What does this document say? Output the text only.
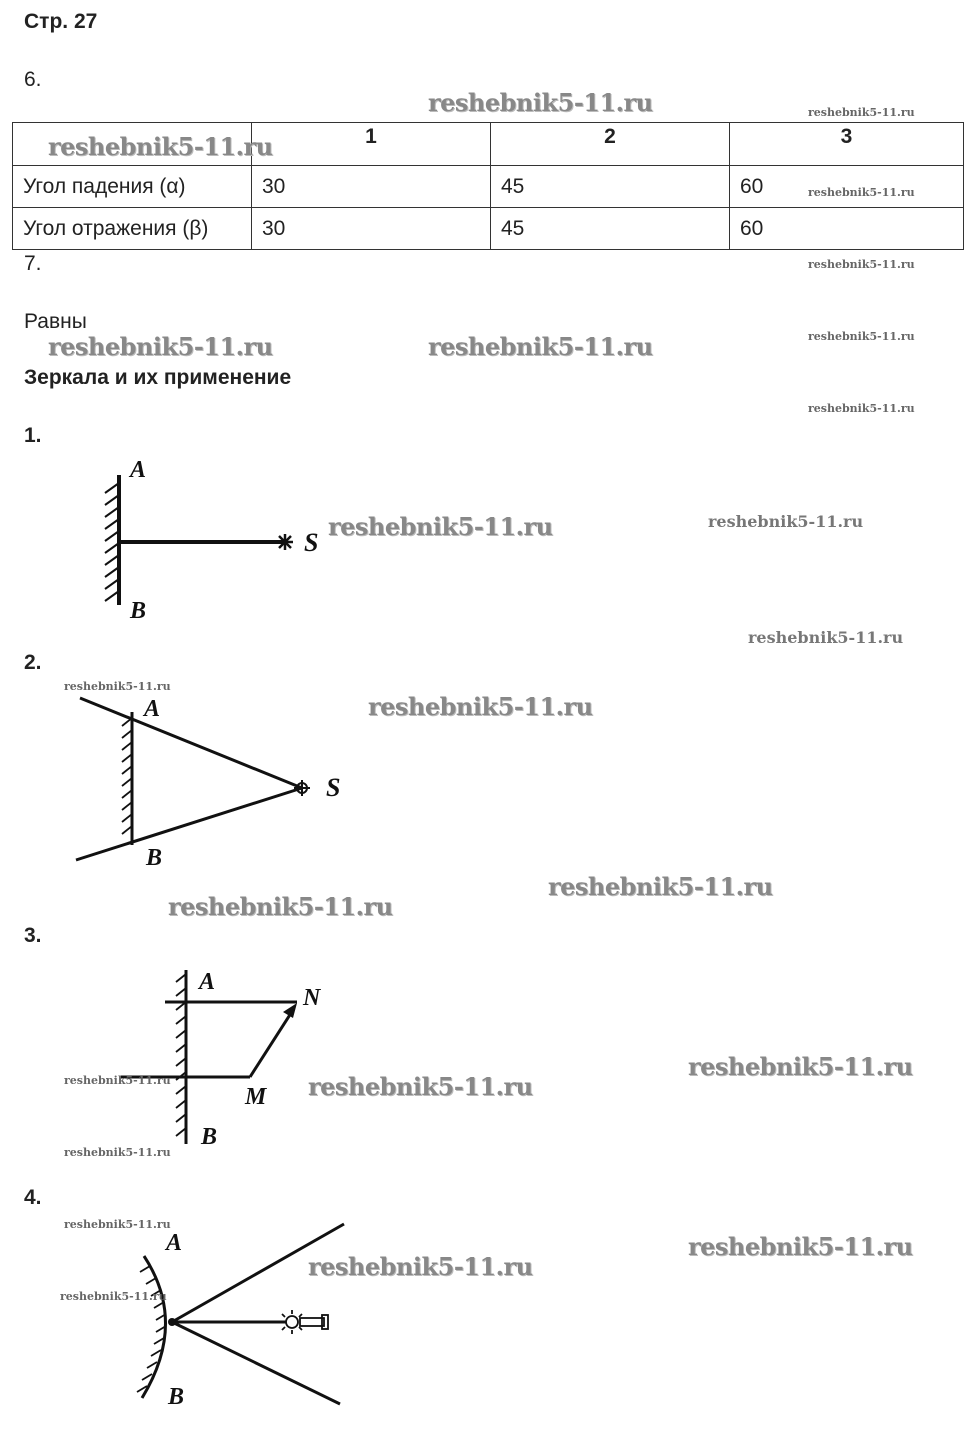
Стр. 27
6.
	1	2	3
Угол падения (α)	30	45	60
Угол отражения (β)	30	45	60
7.
Равны
Зеркала и их применение
1.
2.
3.
4.
A
B
S
A
B
S
A
N
M
B
A
B
reshebnik5-11.ru	reshebnik5-11.ru
reshebnik5-11.ru
reshebnik5-11.ru
reshebnik5-11.ru
reshebnik5-11.ru
reshebnik5-11.ru	reshebnik5-11.ru
reshebnik5-11.ru
reshebnik5-11.ru	reshebnik5-11.ru
reshebnik5-11.ru
reshebnik5-11.ru
reshebnik5-11.ru
reshebnik5-11.ru
reshebnik5-11.ru
reshebnik5-11.ru
reshebnik5-11.ru	reshebnik5-11.ru
reshebnik5-11.ru
reshebnik5-11.ru
reshebnik5-11.ru
reshebnik5-11.ru
reshebnik5-11.ru
